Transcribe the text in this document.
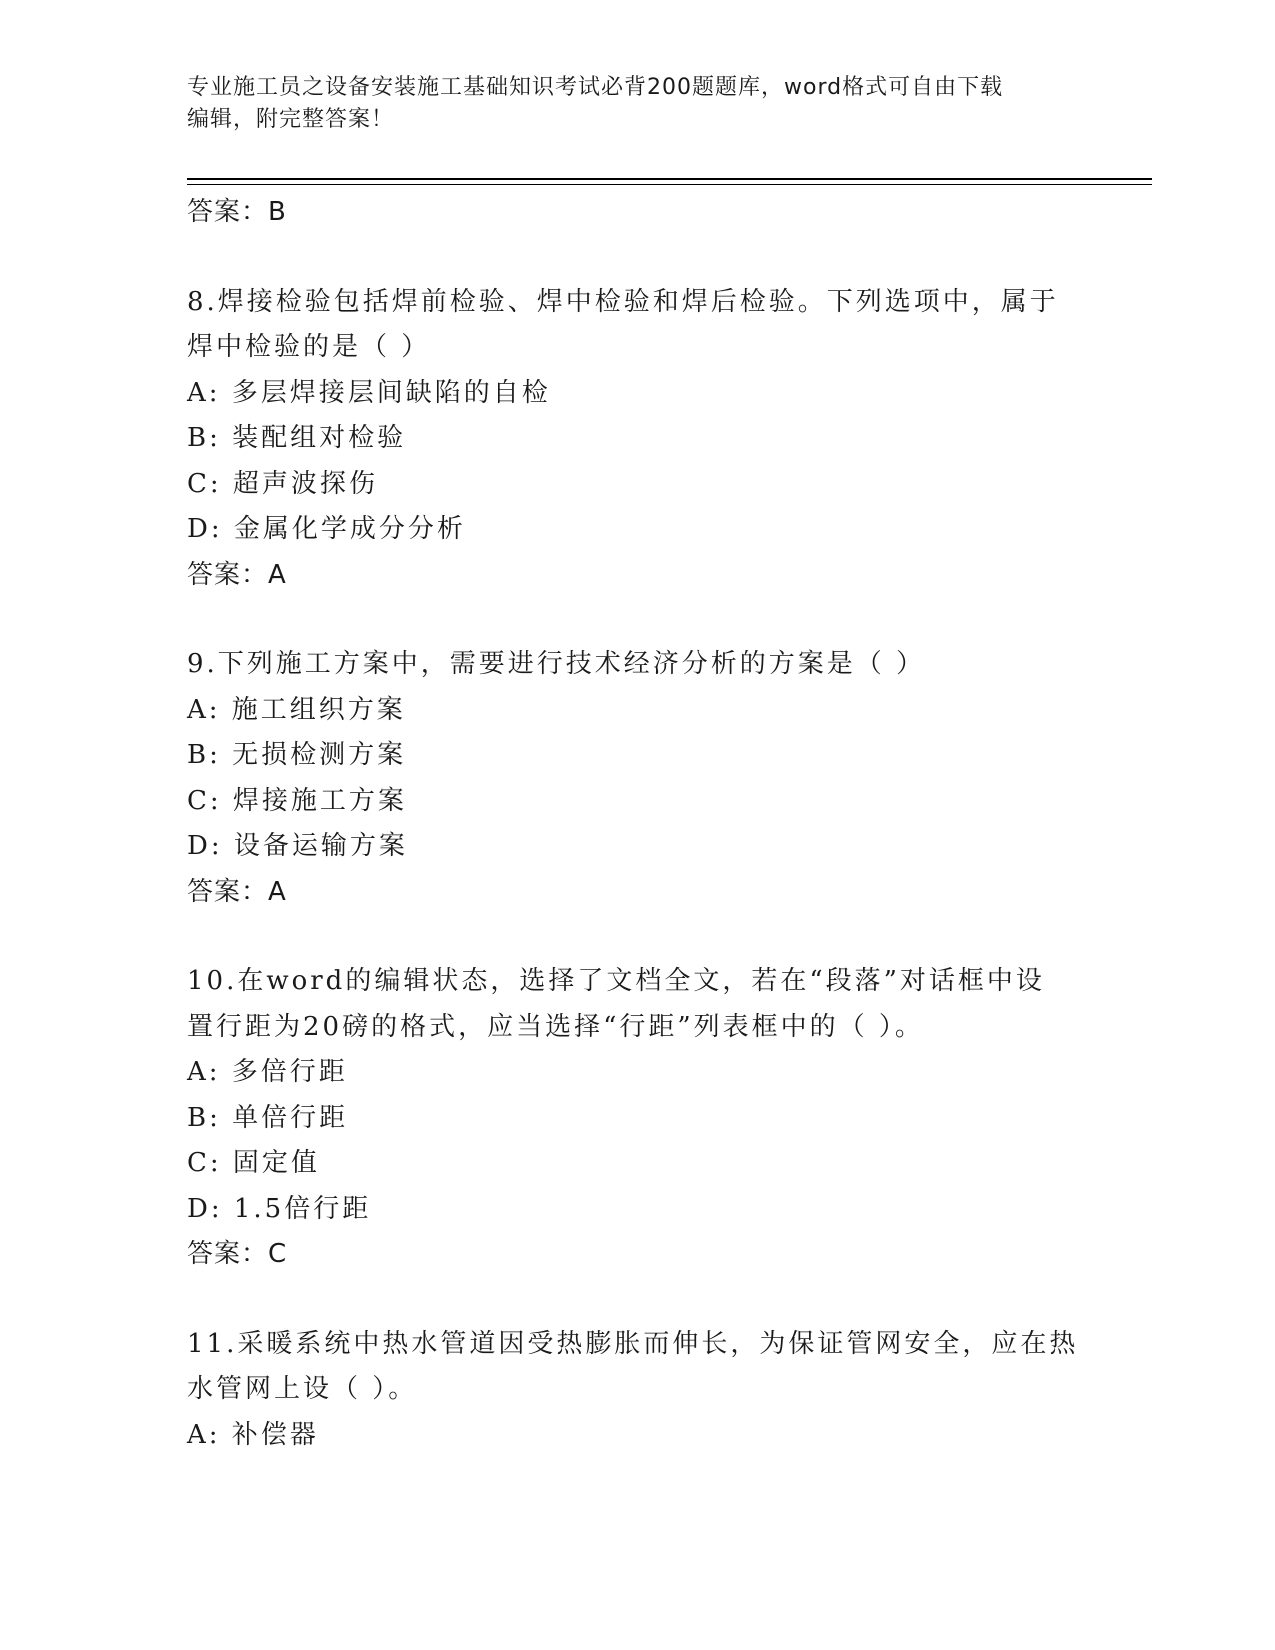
专业施工员之设备安装施工基础知识考试必背200题题库，word格式可自由下载
编辑，附完整答案！
答案：B
8.焊接检验包括焊前检验、焊中检验和焊后检验。下列选项中，属于
焊中检验的是（ ）
A: 多层焊接层间缺陷的自检
B: 装配组对检验
C: 超声波探伤
D: 金属化学成分分析
答案：A
9.下列施工方案中，需要进行技术经济分析的方案是（ ）
A: 施工组织方案
B: 无损检测方案
C: 焊接施工方案
D: 设备运输方案
答案：A
10.在word的编辑状态，选择了文档全文，若在“段落”对话框中设
置行距为20磅的格式，应当选择“行距”列表框中的（ ）。
A: 多倍行距
B: 单倍行距
C: 固定值
D: 1.5倍行距
答案：C
11.采暖系统中热水管道因受热膨胀而伸长，为保证管网安全，应在热
水管网上设（ ）。
A: 补偿器
